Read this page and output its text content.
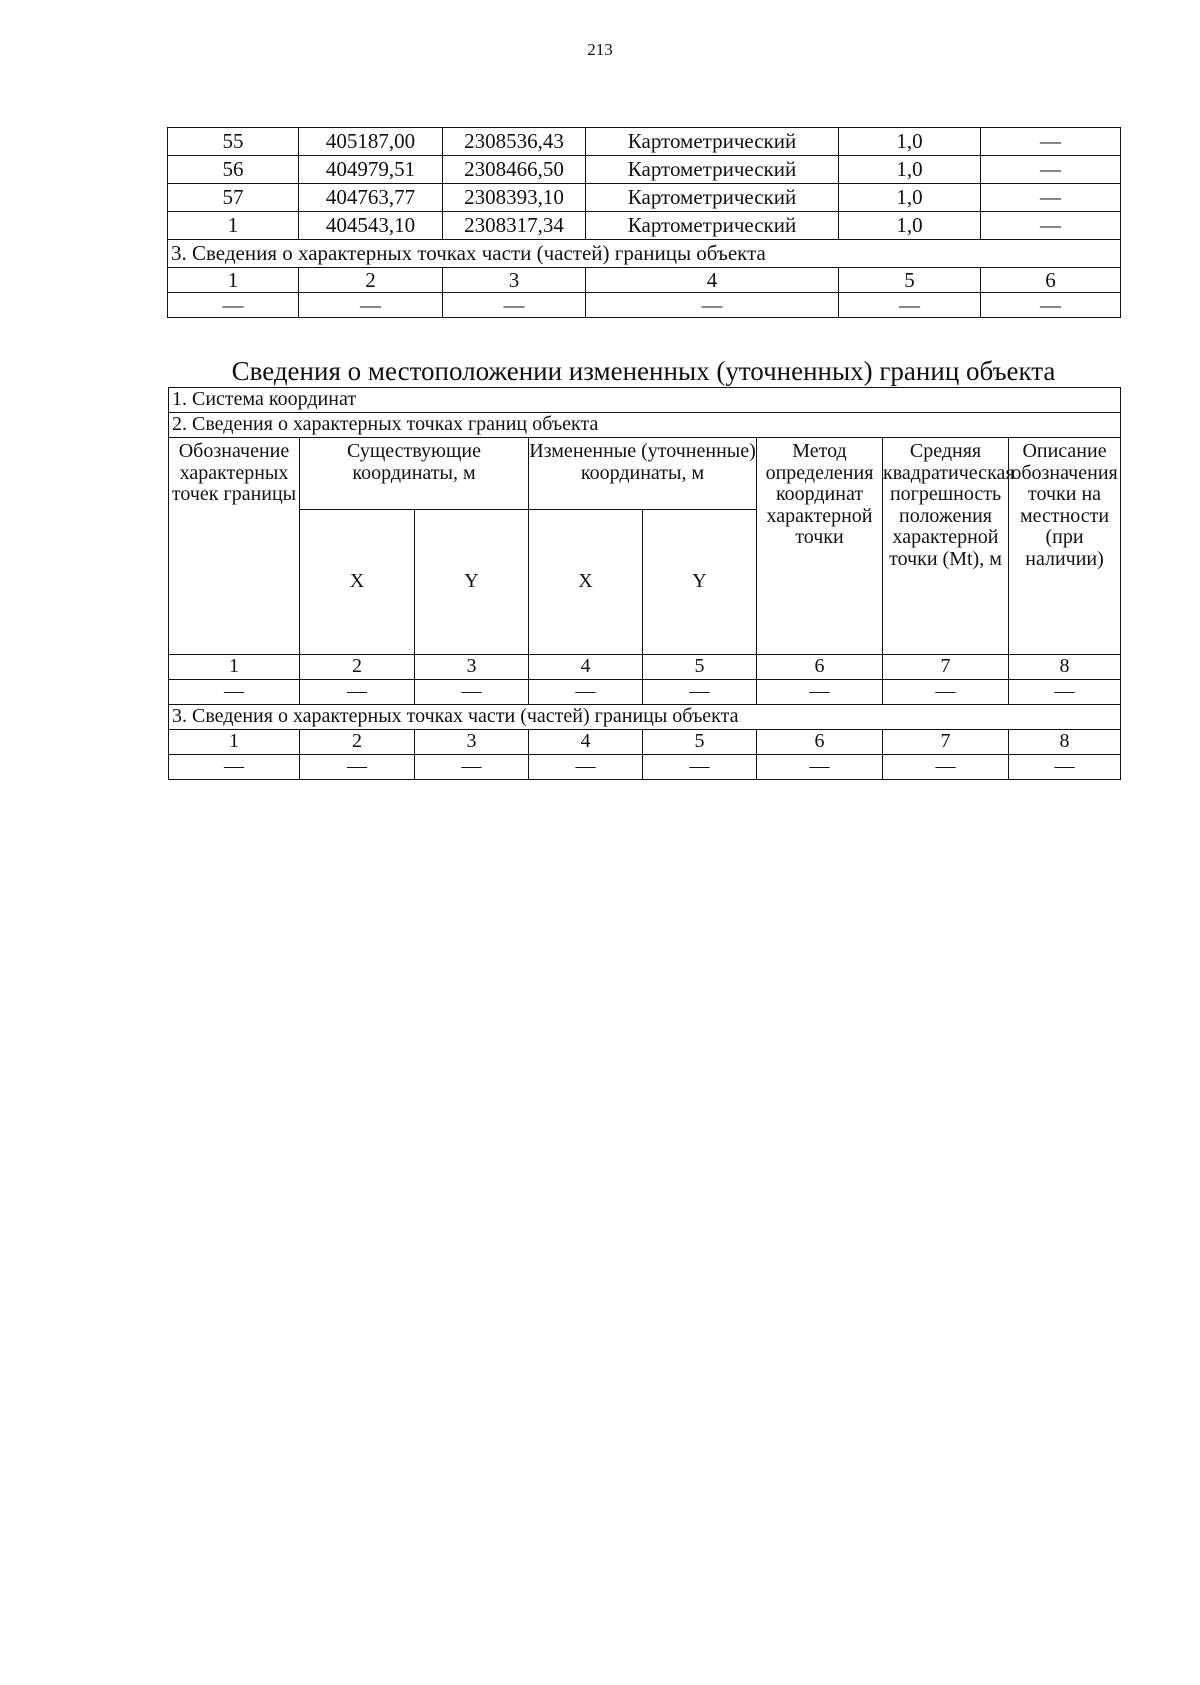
213
55	405187,00	2308536,43	Картометрический	1,0	—
56	404979,51	2308466,50	Картометрический	1,0	—
57	404763,77	2308393,10	Картометрический	1,0	—
1	404543,10	2308317,34	Картометрический	1,0	—
3. Сведения о характерных точках части (частей) границы объекта					
1	2	3	4	5	6
—	—	—	—	—	—
Сведения о местоположении измененных (уточненных) границ объекта
1. Система координат							
2. Сведения о характерных точках границ объекта							
Обозначение характерных точек границы	Существующие координаты, м		Измененные (уточненные) координаты, м		Метод определения координат характерной точки	Средняя квадратическая погрешность положения характерной точки (Mt), м	Описание обозначения точки на местности (при наличии)
	X	Y	X	Y			
1	2	3	4	5	6	7	8
—	—	—	—	—	—	—	—
3. Сведения о характерных точках части (частей) границы объекта							
1	2	3	4	5	6	7	8
—	—	—	—	—	—	—	—
